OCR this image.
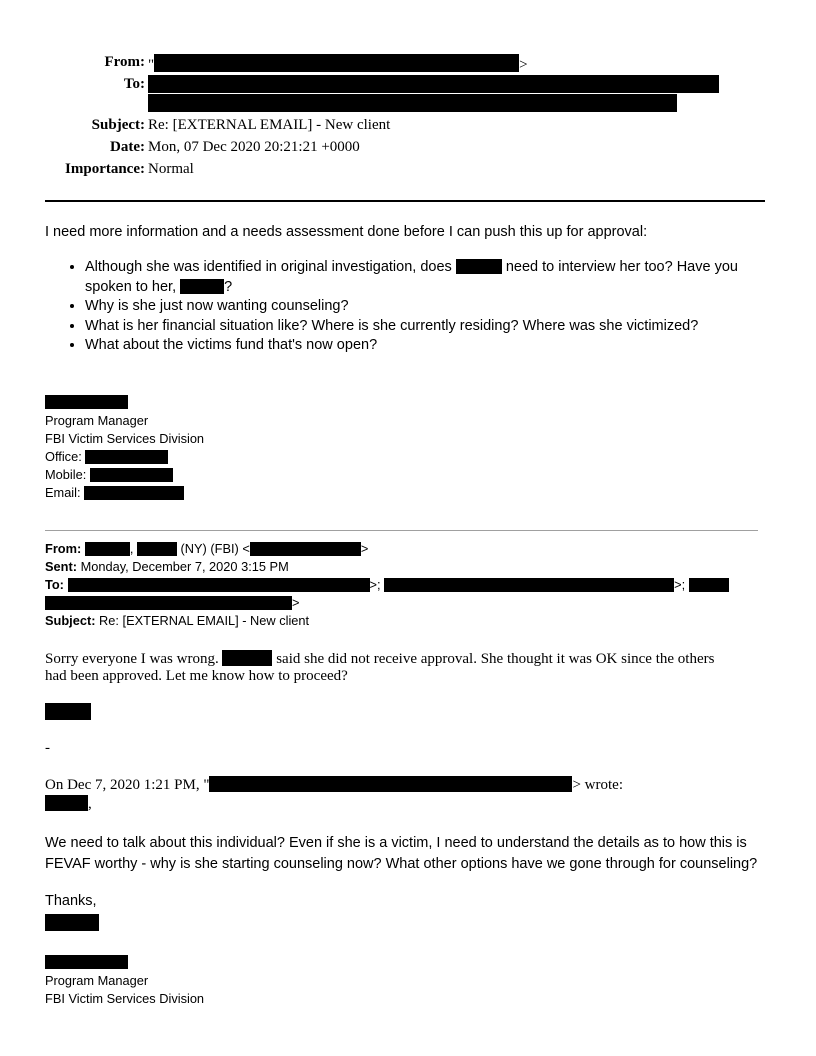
From: "	>
To:
Subject: Re: [EXTERNAL EMAIL] - New client
Date: Mon, 07 Dec 2020 20:21:21 +0000
Importance: Normal
I need more information and a needs assessment done before I can push this up for approval:
• Although she was identified in original investigation, does	need to interview her too? Have you
spoken to her,	?
• Why is she just now wanting counseling?
• What is her financial situation like? Where is she currently residing? Where was she victimized?
• What about the victims fund that's now open?
Program Manager
FBI Victim Services Division
Office:
Mobile:
Email:
From:	,	(NY) (FBI) <	>
Sent: Monday, December 7, 2020 3:15 PM
To:	>;	>;
>
Subject: Re: [EXTERNAL EMAIL] - New client
Sorry everyone I was wrong.	said she did not receive approval. She thought it was OK since the others
had been approved. Let me know how to proceed?
-
On Dec 7, 2020 1:21 PM, "	> wrote:
,
We need to talk about this individual? Even if she is a victim, I need to understand the details as to how this is
FEVAF worthy - why is she starting counseling now? What other options have we gone through for counseling?
Thanks,
Program Manager
FBI Victim Services Division
